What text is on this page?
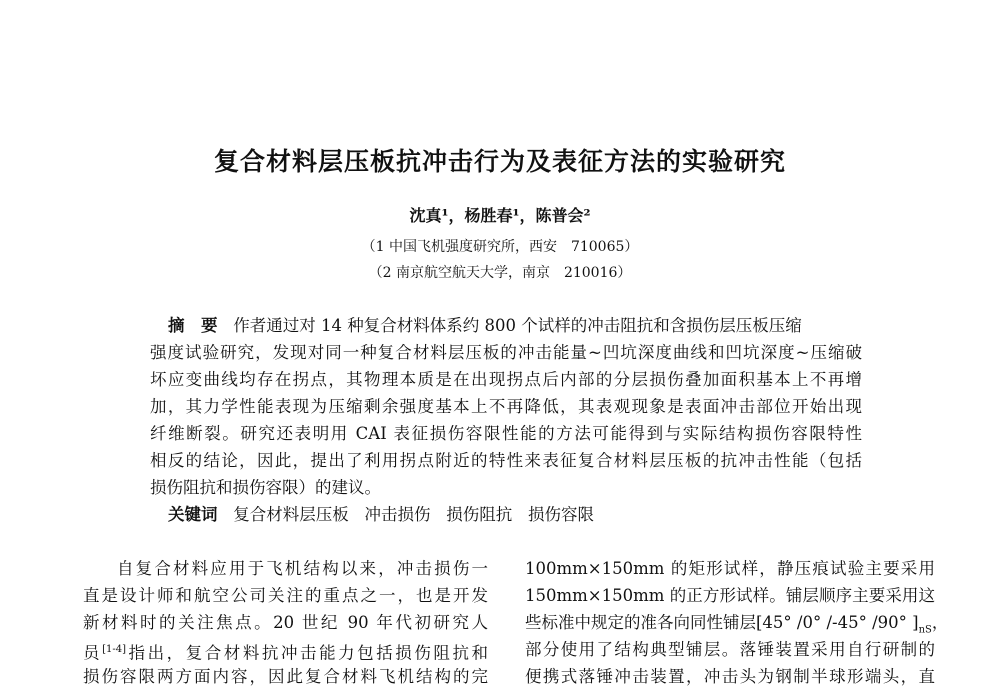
复合材料层压板抗冲击行为及表征方法的实验研究
沈真¹，杨胜春¹，陈普会²
（1 中国飞机强度研究所，西安　710065）
（2 南京航空航天大学，南京　210016）
摘　要 作者通过对 14 种复合材料体系约 800 个试样的冲击阻抗和含损伤层压板压缩
强度试验研究，发现对同一种复合材料层压板的冲击能量~凹坑深度曲线和凹坑深度~压缩破
坏应变曲线均存在拐点，其物理本质是在出现拐点后内部的分层损伤叠加面积基本上不再增
加，其力学性能表现为压缩剩余强度基本上不再降低，其表观现象是表面冲击部位开始出现
纤维断裂。研究还表明用 CAI 表征损伤容限性能的方法可能得到与实际结构损伤容限特性
相反的结论，因此，提出了利用拐点附近的特性来表征复合材料层压板的抗冲击性能（包括
损伤阻抗和损伤容限）的建议。
关键词 复合材料层压板 冲击损伤 损伤阻抗 损伤容限
自复合材料应用于飞机结构以来，冲击损伤一
直是设计师和航空公司关注的重点之一，也是开发
新材料时的关注焦点。20 世纪 90 年代初研究人
员[1-4]指出，复合材料抗冲击能力包括损伤阻抗和
损伤容限两方面内容，因此复合材料飞机结构的完
100mm×150mm 的矩形试样，静压痕试验主要采用
150mm×150mm 的正方形试样。铺层顺序主要采用这
些标准中规定的准各向同性铺层[45° /0° /-45° /90° ]$_{nS}$，
部分使用了结构典型铺层。落锤装置采用自行研制的
便携式落锤冲击装置，冲击头为钢制半球形端头，直
